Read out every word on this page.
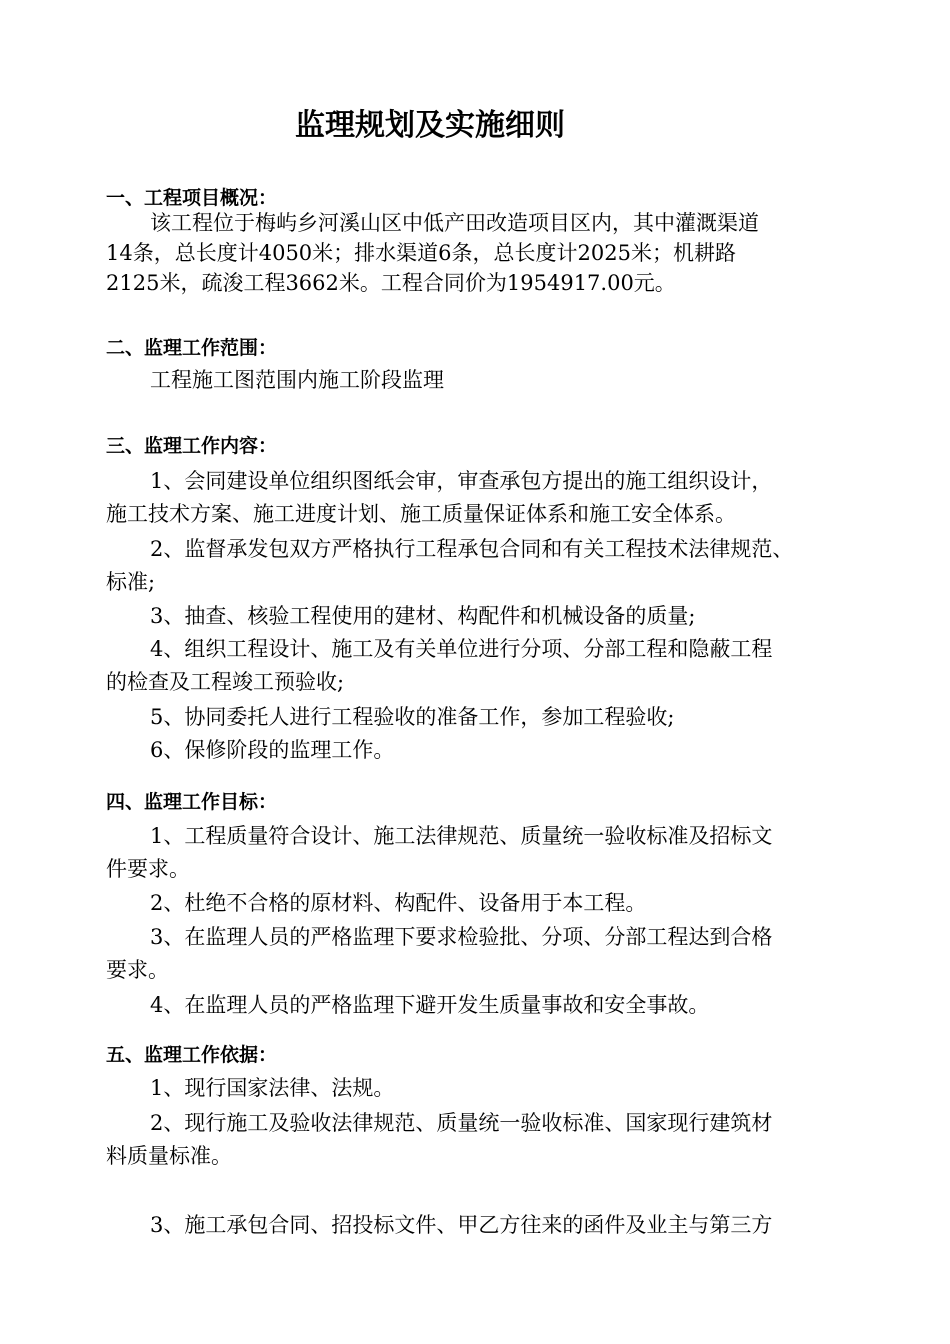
监理规划及实施细则
一、工程项目概况：
该工程位于梅屿乡河溪山区中低产田改造项目区内，其中灌溉渠道
14条，总长度计4050米；排水渠道6条，总长度计2025米；机耕路
2125米，疏浚工程3662米。工程合同价为1954917.00元。
二、监理工作范围：
工程施工图范围内施工阶段监理
三、监理工作内容：
1、会同建设单位组织图纸会审，审查承包方提出的施工组织设计，
施工技术方案、施工进度计划、施工质量保证体系和施工安全体系。
2、监督承发包双方严格执行工程承包合同和有关工程技术法律规范、
标准;
3、抽查、核验工程使用的建材、构配件和机械设备的质量;
4、组织工程设计、施工及有关单位进行分项、分部工程和隐蔽工程
的检查及工程竣工预验收;
5、协同委托人进行工程验收的准备工作，参加工程验收;
6、保修阶段的监理工作。
四、监理工作目标：
1、工程质量符合设计、施工法律规范、质量统一验收标准及招标文
件要求。
2、杜绝不合格的原材料、构配件、设备用于本工程。
3、在监理人员的严格监理下要求检验批、分项、分部工程达到合格
要求。
4、在监理人员的严格监理下避开发生质量事故和安全事故。
五、监理工作依据：
1、现行国家法律、法规。
2、现行施工及验收法律规范、质量统一验收标准、国家现行建筑材
料质量标准。
3、施工承包合同、招投标文件、甲乙方往来的函件及业主与第三方
